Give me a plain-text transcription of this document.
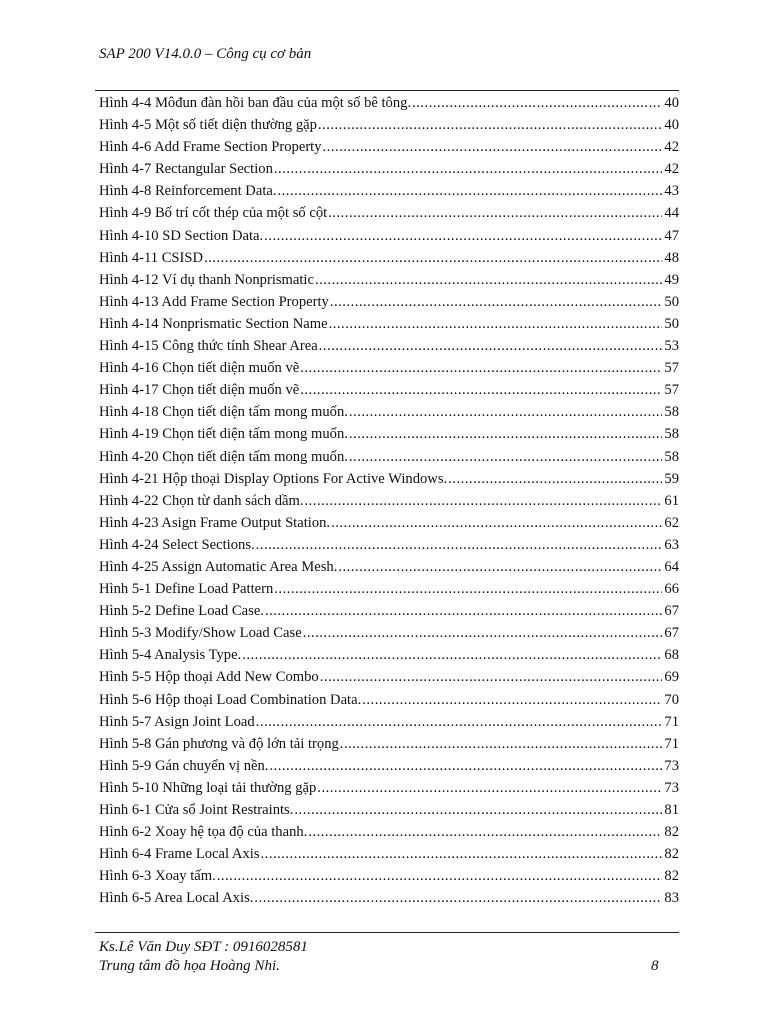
SAP 200 V14.0.0 – Công cụ cơ bản
Hình 4-4 Môđun đàn hồi ban đầu của một số bê tông. .....	40
Hình 4-5 Một số tiết diện thường gặp .....	40
Hình 4-6 Add Frame Section Property .....	42
Hình 4-7 Rectangular Section .....	42
Hình 4-8 Reinforcement Data. .....	43
Hình 4-9 Bố trí cốt thép của một số cột .....	44
Hình 4-10 SD Section Data. .....	47
Hình 4-11 CSISD .....	48
Hình 4-12 Ví dụ thanh Nonprismatic .....	49
Hình 4-13 Add Frame Section Property .....	50
Hình 4-14 Nonprismatic Section Name .....	50
Hình 4-15 Công thức tính Shear Area .....	53
Hình 4-16 Chọn tiết diện muốn vẽ .....	57
Hình 4-17 Chọn tiết diện muốn vẽ .....	57
Hình 4-18 Chọn tiết diện tấm mong muốn. .....	58
Hình 4-19 Chọn tiết diện tấm mong muốn. .....	58
Hình 4-20 Chọn tiết diện tấm mong muốn. .....	58
Hình 4-21 Hộp thoại Display Options For Active Windows. .....	59
Hình 4-22 Chọn từ danh sách dầm. .....	61
Hình 4-23 Asign Frame Output Station. .....	62
Hình 4-24 Select Sections. .....	63
Hình 4-25 Assign Automatic Area Mesh. .....	64
Hình 5-1 Define Load Pattern .....	66
Hình 5-2 Define Load Case. .....	67
Hình 5-3 Modify/Show Load Case .....	67
Hình 5-4 Analysis Type. .....	68
Hình 5-5 Hộp thoại Add New Combo .....	69
Hình 5-6 Hộp thoại Load Combination Data. .....	70
Hình 5-7 Asign Joint Load .....	71
Hình 5-8 Gán phương và độ lớn tải trọng .....	71
Hình 5-9 Gán chuyển vị nền. .....	73
Hình 5-10 Những loại tải thường gặp .....	73
Hình 6-1 Cửa sổ Joint Restraints. .....	81
Hình 6-2 Xoay hệ tọa độ của thanh. .....	82
Hình 6-4 Frame Local Axis .....	82
Hình 6-3 Xoay tấm. .....	82
Hình 6-5 Area Local Axis. .....	83
Ks.Lê Văn Duy SĐT : 0916028581
Trung tâm đồ họa Hoàng Nhi.	8
